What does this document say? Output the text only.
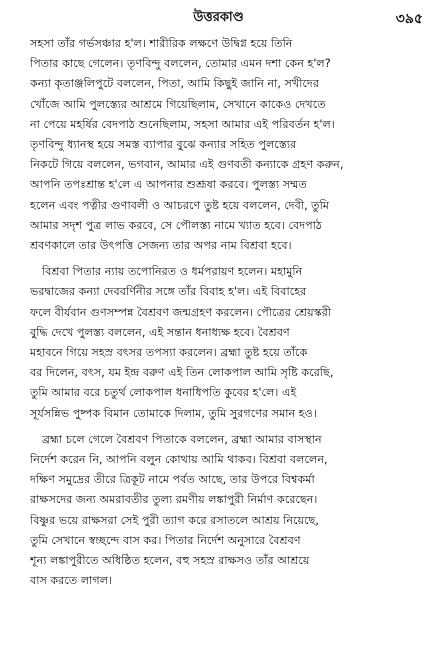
উত্তরকাণ্ড	৩৯৫

সহসা তাঁর গর্ভসঞ্চার হ'ল। শারীরিক লক্ষণে উদ্বিগ্ন হয়ে তিনি
পিতার কাছে গেলেন। তৃণবিন্দু বললেন, তোমার এমন দশা কেন হ'ল?
কন্যা কৃতাঞ্জলিপুটে বললেন, পিতা, আমি কিছুই জানি না, সখীদের
খোঁজে আমি পুলস্ত্যের আশ্রমে গিয়েছিলাম, সেখানে কাকেও দেখতে
না পেয়ে মহর্ষির বেদপাঠ শুনেছিলাম, সহসা আমার এই পরিবর্তন হ'ল।
তৃণবিন্দু ধ্যানস্থ হয়ে সমস্ত ব্যাপার বুঝে কন্যার সহিত পুলস্ত্যের
নিকটে গিয়ে বললেন, ভগবান, আমার এই গুণবতী কন্যাকে গ্রহণ করুন,
আপনি তপঃশ্রান্ত হ'লে এ আপনার শুশ্রূষা করবে। পুলস্ত্য সম্মত
হলেন এবং পত্নীর গুণাবলী ও আচরণে তুষ্ট হয়ে বললেন, দেবী, তুমি
আমার সদৃশ পুত্র লাভ করবে, সে পৌলস্ত্য নামে খ্যাত হবে। বেদপাঠ
শ্রবণকালে তার উৎপত্তি সেজন্য তার অপর নাম বিশ্রবা হবে।

বিশ্রবা পিতার ন্যায় তপোনিরত ও ধর্মপরায়ণ হলেন। মহামুনি
ভরদ্বাজের কন্যা দেববর্ণিনীর সঙ্গে তাঁর বিবাহ হ'ল। এই বিবাহের
ফলে বীর্যবান গুণসম্পন্ন বৈশ্রবণ জন্মগ্রহণ করলেন। পৌত্রের শ্রেয়স্করী
বুদ্ধি দেখে পুলস্ত্য বললেন, এই সন্তান ধনাধ্যক্ষ হবে। বৈশ্রবণ
মহাবনে গিয়ে সহস্র বৎসর তপস্যা করলেন। ব্রহ্মা তুষ্ট হয়ে তাঁকে
বর দিলেন, বৎস, যম ইন্দ্র বরুণ এই তিন লোকপাল আমি সৃষ্টি করেছি,
তুমি আমার বরে চতুর্থ লোকপাল ধনাধিপতি কুবের হ'লে। এই
সূর্যসন্নিভ পুষ্পক বিমান তোমাকে দিলাম, তুমি সুরগণের সমান হও।

ব্রহ্মা চলে গেলে বৈশ্রবণ পিতাকে বললেন, ব্রহ্মা আমার বাসস্থান
নির্দেশ করেন নি, আপনি বলুন কোথায় আমি থাকব। বিশ্রবা বললেন,
দক্ষিণ সমুদ্রের তীরে ত্রিকূট নামে পর্বত আছে, তার উপরে বিশ্বকর্মা
রাক্ষসদের জন্য অমরাবতীর তুল্য রমণীয় লঙ্কাপুরী নির্মাণ করেছেন।
বিষ্ণুর ভয়ে রাক্ষসরা সেই পুরী ত্যাগ করে রসাতলে আশ্রয় নিয়েছে,
তুমি সেখানে স্বচ্ছন্দে বাস কর। পিতার নির্দেশ অনুসারে বৈশ্রবণ
শূন্য লঙ্কাপুরীতে অধিষ্ঠিত হলেন, বহু সহস্র রাক্ষসও তাঁর আশ্রয়ে
বাস করতে লাগল।
